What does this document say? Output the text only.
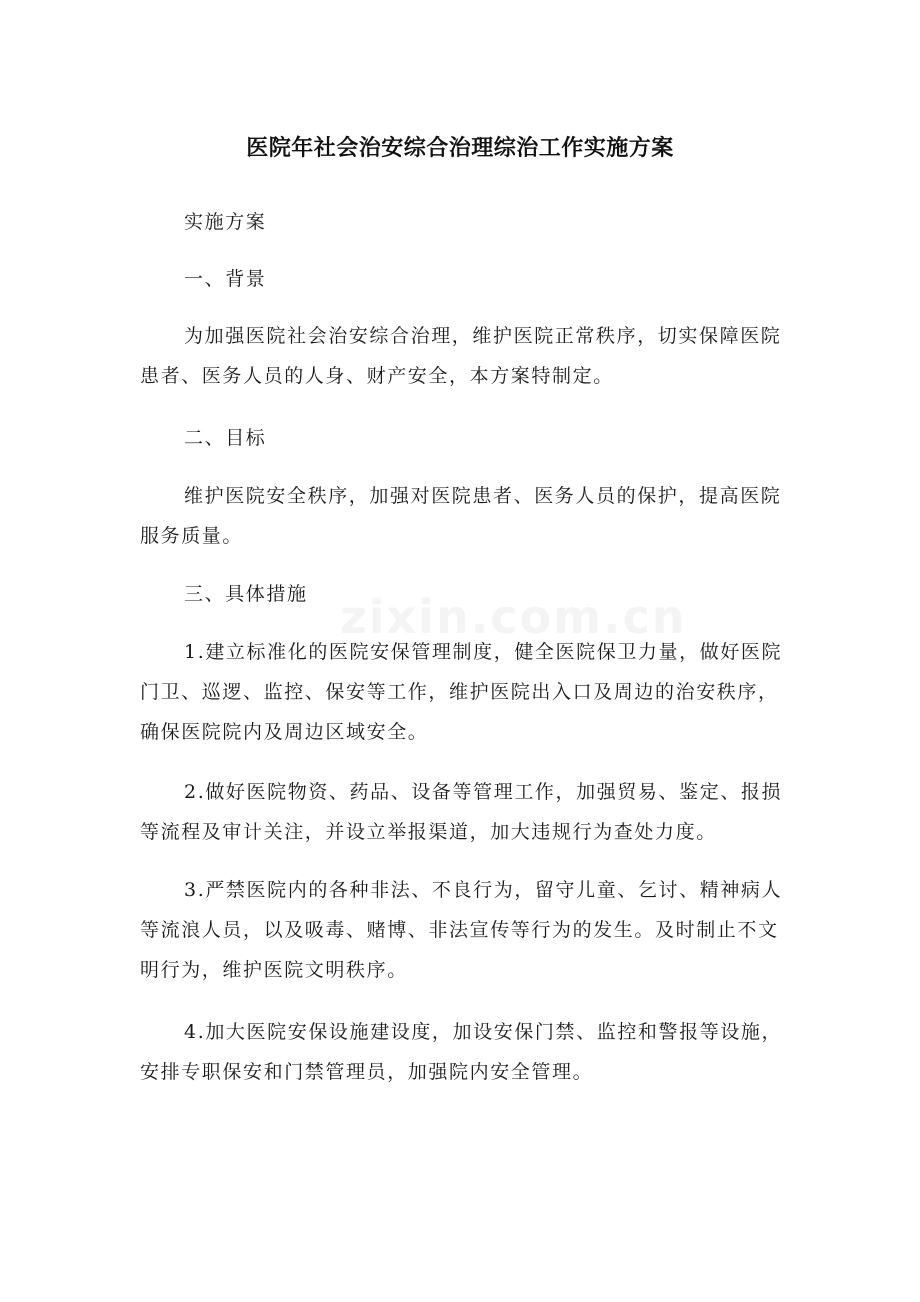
zixin.com.cn
医院年社会治安综合治理综治工作实施方案
实施方案
一、背景
为加强医院社会治安综合治理，维护医院正常秩序，切实保障医院患者、医务人员的人身、财产安全，本方案特制定。
二、目标
维护医院安全秩序，加强对医院患者、医务人员的保护，提高医院服务质量。
三、具体措施
1.建立标准化的医院安保管理制度，健全医院保卫力量，做好医院门卫、巡逻、监控、保安等工作，维护医院出入口及周边的治安秩序，确保医院院内及周边区域安全。
2.做好医院物资、药品、设备等管理工作，加强贸易、鉴定、报损等流程及审计关注，并设立举报渠道，加大违规行为查处力度。
3.严禁医院内的各种非法、不良行为，留守儿童、乞讨、精神病人等流浪人员，以及吸毒、赌博、非法宣传等行为的发生。及时制止不文明行为，维护医院文明秩序。
4.加大医院安保设施建设度，加设安保门禁、监控和警报等设施，安排专职保安和门禁管理员，加强院内安全管理。
